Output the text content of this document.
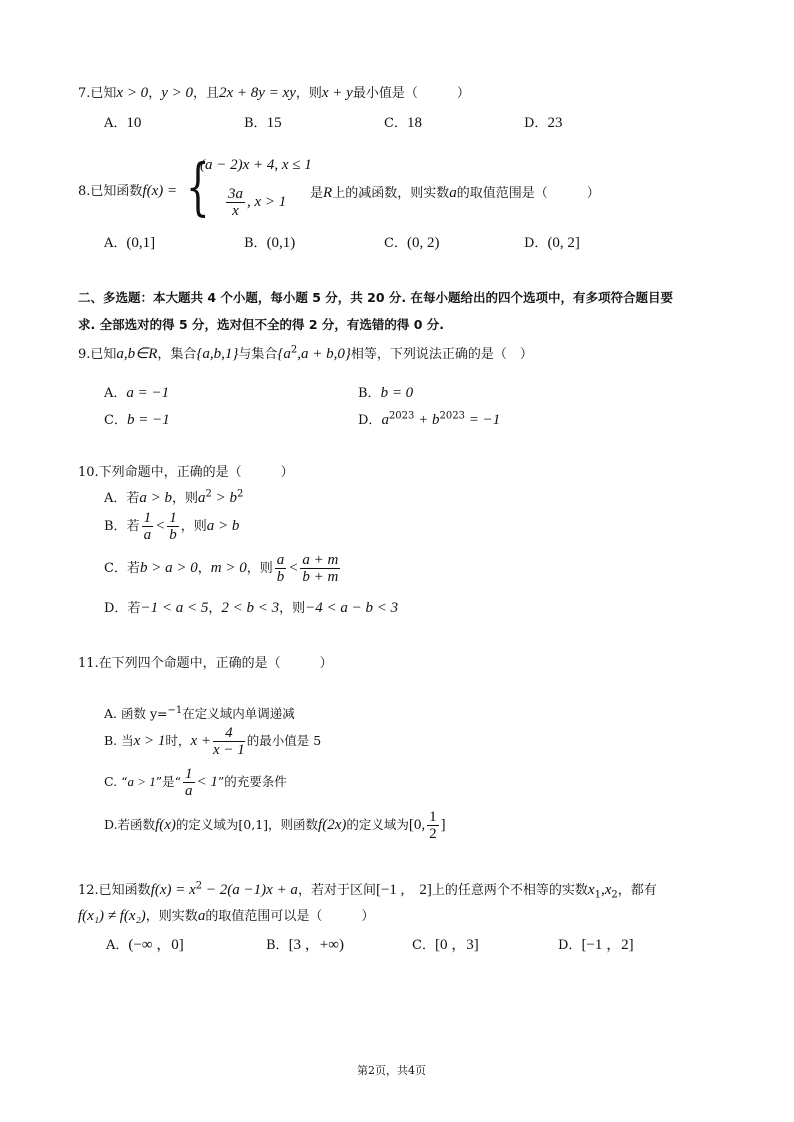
7.已知x > 0，y > 0，且2x + 8y = xy，则x + y最小值是（　　　）
A．10	B．15	C．18	D．23
8.已知函数f(x) = {
(a − 2)x + 4, x ≤ 1
$\frac{3a}{x}$ , x > 1
是R上的减函数，则实数a的取值范围是（　　　）
A．(0,1]	B．(0,1)	C．(0, 2)	D．(0, 2]
二、多选题：本大题共 4 个小题，每小题 5 分，共 20 分. 在每小题给出的四个选项中，有多项符合题目要
求. 全部选对的得 5 分，选对但不全的得 2 分，有选错的得 0 分.
9.已知a,b∈R，集合{a,b,1}与集合$\{a^2,a + b,0\}$相等，下列说法正确的是（　）
A．a = −1	B．b = 0
C．b = −1	D．$a^{2023} + b^{2023} = -1$
10.下列命题中，正确的是（　　　）
A．若a > b，则$a^2 > b^2$
B．若 $\frac{1}{a} < \frac{1}{b}$ ，则a > b
C．若b > a > 0，m > 0，则 $\frac{a}{b} < \frac{a + m}{b + m}$
D．若−1 < a < 5，2 < b < 3，则−4 < a − b < 3
11.在下列四个命题中，正确的是（　　　）
A. 函数 y=$^{-1}$在定义域内单调递减
B. 当x > 1时，$x + \frac{4}{x - 1}$ 的最小值是 5
C. “a > 1”是“ $\frac{1}{a} < 1$”的充要条件
D.若函数f(x)的定义域为[0,1]，则函数f(2x)的定义域为[0, $\frac{1}{2}$ ]
12.已知函数$f(x) = x^2 - 2(a -1)x + a$，若对于区间[−1 ,　2]上的任意两个不相等的实数$x_1,x_2$，都有
f(x₁) ≠ f(x₂)，则实数a的取值范围可以是（　　　）
A．(−∞ ，0]	B．[3 ，+∞)	C．[0 ，3]	D．[−1 ，2]
第2页，共4页
